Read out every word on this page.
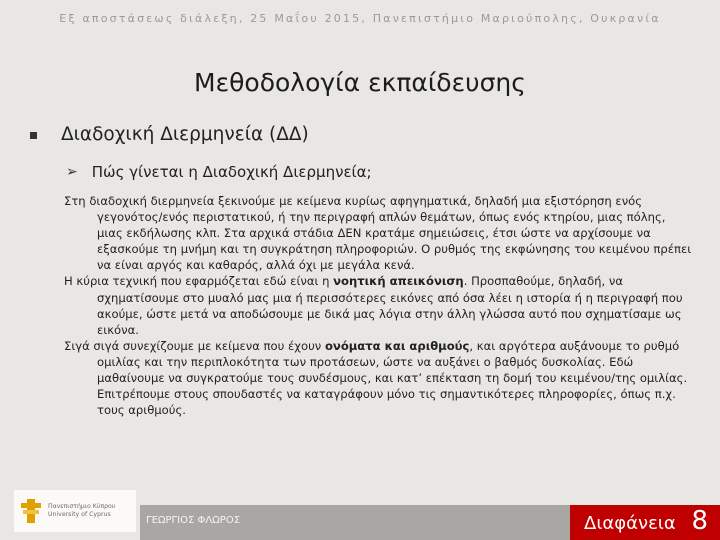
Εξ αποστάσεως διάλεξη, 25 Μαΐου 2015, Πανεπιστήμιο Μαριούπολης, Ουκρανία
Μεθοδολογία εκπαίδευσης
Διαδοχική Διερμηνεία (ΔΔ)
➢ Πώς γίνεται η Διαδοχική Διερμηνεία;

Στη διαδοχική διερμηνεία ξεκινούμε με κείμενα κυρίως αφηγηματικά, δηλαδή μια εξιστόρηση ενός γεγονότος/ενός περιστατικού, ή την περιγραφή απλών θεμάτων, όπως ενός κτηρίου, μιας πόλης, μιας εκδήλωσης κλπ. Στα αρχικά στάδια ΔΕΝ κρατάμε σημειώσεις, έτσι ώστε να αρχίσουμε να εξασκούμε τη μνήμη και τη συγκράτηση πληροφοριών. Ο ρυθμός της εκφώνησης του κειμένου πρέπει να είναι αργός και καθαρός, αλλά όχι με μεγάλα κενά.

Η κύρια τεχνική που εφαρμόζεται εδώ είναι η νοητική απεικόνιση. Προσπαθούμε, δηλαδή, να σχηματίσουμε στο μυαλό μας μια ή περισσότερες εικόνες από όσα λέει η ιστορία ή η περιγραφή που ακούμε, ώστε μετά να αποδώσουμε με δικά μας λόγια στην άλλη γλώσσα αυτό που σχηματίσαμε ως εικόνα.

Σιγά σιγά συνεχίζουμε με κείμενα που έχουν ονόματα και αριθμούς, και αργότερα αυξάνουμε το ρυθμό ομιλίας και την περιπλοκότητα των προτάσεων, ώστε να αυξάνει ο βαθμός δυσκολίας. Εδώ μαθαίνουμε να συγκρατούμε τους συνδέσμους, και κατ’ επέκταση τη δομή του κειμένου/της ομιλίας. Επιτρέπουμε στους σπουδαστές να καταγράφουν μόνο τις σημαντικότερες πληροφορίες, όπως π.χ. τους αριθμούς.

Πανεπιστήμιο Κύπρου
University of Cyprus
ΓΕΩΡΓΙΟΣ ΦΛΩΡΟΣ	Διαφάνεια 8
